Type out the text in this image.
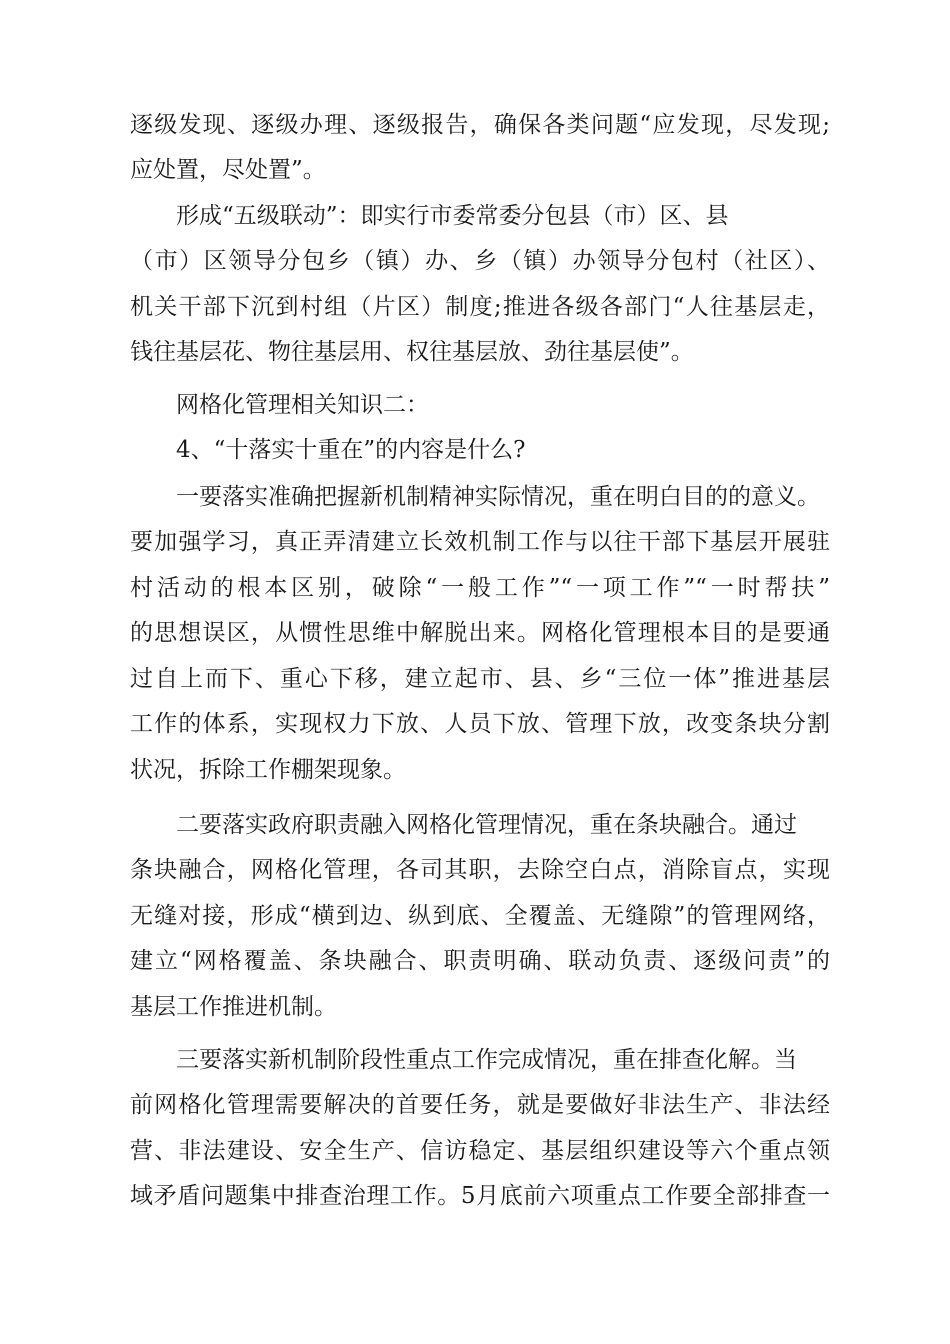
逐级发现、逐级办理、逐级报告，确保各类问题“应发现，尽发现;
应处置，尽处置”。
形成“五级联动”：即实行市委常委分包县（市）区、县
（市）区领导分包乡（镇）办、乡（镇）办领导分包村（社区）、
机关干部下沉到村组（片区）制度;推进各级各部门“人往基层走，
钱往基层花、物往基层用、权往基层放、劲往基层使”。
网格化管理相关知识二：
4、“十落实十重在”的内容是什么?
一要落实准确把握新机制精神实际情况，重在明白目的的意义。
要加强学习，真正弄清建立长效机制工作与以往干部下基层开展驻
村活动的根本区别，破除“一般工作”“一项工作”“一时帮扶”
的思想误区，从惯性思维中解脱出来。网格化管理根本目的是要通
过自上而下、重心下移，建立起市、县、乡“三位一体”推进基层
工作的体系，实现权力下放、人员下放、管理下放，改变条块分割
状况，拆除工作棚架现象。
二要落实政府职责融入网格化管理情况，重在条块融合。通过
条块融合，网格化管理，各司其职，去除空白点，消除盲点，实现
无缝对接，形成“横到边、纵到底、全覆盖、无缝隙”的管理网络，
建立“网格覆盖、条块融合、职责明确、联动负责、逐级问责”的
基层工作推进机制。
三要落实新机制阶段性重点工作完成情况，重在排查化解。当
前网格化管理需要解决的首要任务，就是要做好非法生产、非法经
营、非法建设、安全生产、信访稳定、基层组织建设等六个重点领
域矛盾问题集中排查治理工作。5月底前六项重点工作要全部排查一
